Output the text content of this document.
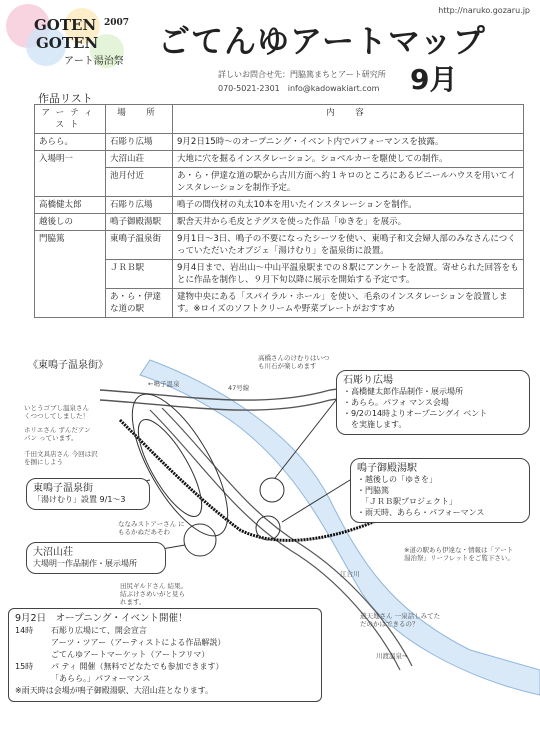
http://naruko.gozaru.jp
GOTEN 2007
GOTEN
アート湯治祭
ごてんゆアートマップ
9月
詳しいお問合せ先：門脇篤まちとアート研究所
070-5021-2301　info@kadowakiart.com
作品リスト
アーティスト	場　所	内　容
あらら。	石彫り広場	9月2日15時～のオープニング・イベント内でパフォーマンスを披露。
入場明一	大沼山荘	大地に穴を掘るインスタレーション。ショベルカーを駆使しての制作。
	池月付近	あ・ら・伊達な道の駅から古川方面へ約１キロのところにあるビニールハウスを用いてインスタレーションを制作予定。
高橋健太郎	石彫り広場	鳴子の間伐材の丸太10本を用いたインスタレーションを制作。
越後しの	鳴子御殿湯駅	駅舎天井から毛皮とテグスを使った作品「ゆきを」を展示。
門脇篤	東鳴子温泉街	9月1日～3日、鳴子の不要になったシーツを使い、東鳴子和文会婦人部のみなさんにつくっていただいたオブジェ「湯けむり」を温泉街に設置。
	ＪＲＢ駅	9月4日まで、岩出山～中山平温泉駅までの８駅にアンケートを設置。寄せられた回答をもとに作品を制作し、９月下旬以降に展示を開始する予定です。
	あ・ら・伊達な道の駅	建物中央にある「スパイラル・ホール」を使い、毛糸のインスタレーションを設置します。※ロイズのソフトクリームや野菜プレートがおすすめ
《東鳴子温泉街》
高橋さんのけむりはいつも川石が楽しめます
←鳴子温泉	47号線
いとうゴブし温泉さんくつつしてしました！
ホリエさん ずんだアンパン っています。
千田文具店さん 今回は沢を掴にしよう
石彫り広場
・高橋健太郎作品制作・展示場所
・あらら。パフォ マンス会場
・9/2の14時よりオープニングイ ベント
　を実施します。
鳴子御殿湯駅
・越後しの「ゆきを」
・門脇篤
　「ＪＲＢ駅プロジェクト」
・雨天時、あらら・パフォーマンス
東鳴子温泉街
「湯けむり」設置 9/1～3
大沼山荘
大場明一作品制作・展示場所
ななみストアーさん にもるかぬだあそわ
田尻ギルドさん 結果。結ぶけさめいがと見られます。
江合川
※道の駅あら伊達な・情報は「アート湯治祭」リーフレットをご覧下さい。
道天地さん 一泉話しみてただのかはできるの？
川渡温泉→
9月2日　オープニング・イベント開催！
14時 石彫り広場にて、開会宣言
アーツ・ツアー（アーティストによる作品解説）
ごてんゆアートマーケット（アートフリマ）
15時 パ ティ 開催（無料でどなたでも参加できます）
「あらら。」パフォーマンス
※雨天時は会場が鳴子御殿湯駅、大沼山荘となります。
